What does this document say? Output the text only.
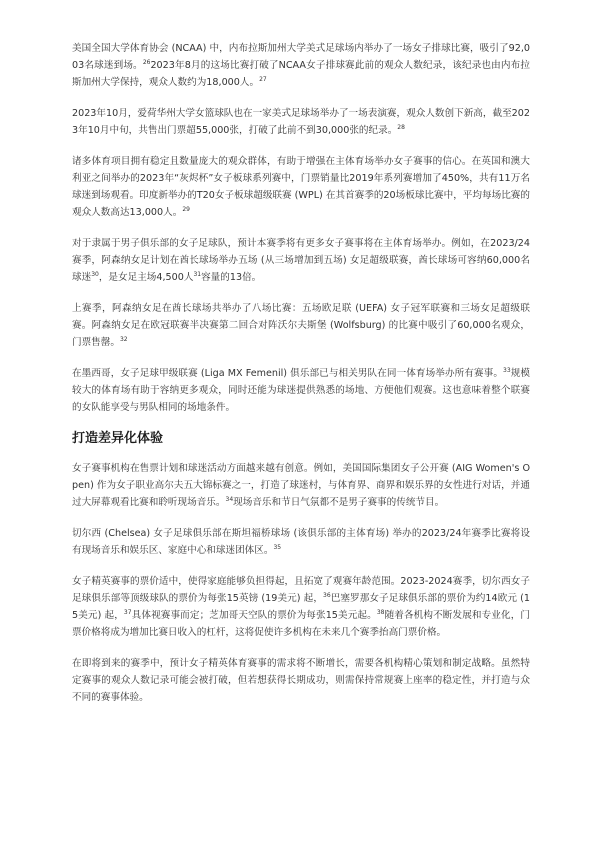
美国全国大学体育协会 (NCAA) 中，内布拉斯加州大学美式足球场内举办了一场女子排球比赛，吸引了92,003名球迷到场。$^{26}$2023年8月的这场比赛打破了NCAA女子排球赛此前的观众人数纪录，该纪录也由内布拉斯加州大学保持，观众人数约为18,000人。$^{27}$

2023年10月，爱荷华州大学女篮球队也在一家美式足球场举办了一场表演赛，观众人数创下新高，截至2023年10月中旬，共售出门票超55,000张，打破了此前不到30,000张的纪录。$^{28}$

诸多体育项目拥有稳定且数量庞大的观众群体，有助于增强在主体育场举办女子赛事的信心。在英国和澳大利亚之间举办的2023年“灰烬杯”女子板球系列赛中，门票销量比2019年系列赛增加了450%，共有11万名球迷到场观看。印度新举办的T20女子板球超级联赛 (WPL) 在其首赛季的20场板球比赛中，平均每场比赛的观众人数高达13,000人。$^{29}$

对于隶属于男子俱乐部的女子足球队，预计本赛季将有更多女子赛事将在主体育场举办。例如，在2023/24赛季，阿森纳女足计划在酋长球场举办五场 (从三场增加到五场) 女足超级联赛，酋长球场可容纳60,000名球迷$^{30}$，是女足主场4,500人$^{31}$容量的13倍。

上赛季，阿森纳女足在酋长球场共举办了八场比赛：五场欧足联 (UEFA) 女子冠军联赛和三场女足超级联赛。阿森纳女足在欧冠联赛半决赛第二回合对阵沃尔夫斯堡 (Wolfsburg) 的比赛中吸引了60,000名观众，门票售罄。$^{32}$

在墨西哥，女子足球甲级联赛 (Liga MX Femenil) 俱乐部已与相关男队在同一体育场举办所有赛事。$^{33}$规模较大的体育场有助于容纳更多观众，同时还能为球迷提供熟悉的场地、方便他们观赛。这也意味着整个联赛的女队能享受与男队相同的场地条件。

打造差异化体验

女子赛事机构在售票计划和球迷活动方面越来越有创意。例如，美国国际集团女子公开赛 (AIG Women's Open) 作为女子职业高尔夫五大锦标赛之一，打造了球迷村，与体育界、商界和娱乐界的女性进行对话，并通过大屏幕观看比赛和聆听现场音乐。$^{34}$现场音乐和节日气氛都不是男子赛事的传统节目。

切尔西 (Chelsea) 女子足球俱乐部在斯坦福桥球场 (该俱乐部的主体育场) 举办的2023/24年赛季比赛将设有现场音乐和娱乐区、家庭中心和球迷团体区。$^{35}$

女子精英赛事的票价适中，使得家庭能够负担得起，且拓宽了观赛年龄范围。2023-2024赛季，切尔西女子足球俱乐部等顶级球队的票价为每张15英镑 (19美元) 起，$^{36}$巴塞罗那女子足球俱乐部的票价为约14欧元 (15美元) 起，$^{37}$具体视赛事而定；芝加哥天空队的票价为每张15美元起。$^{38}$随着各机构不断发展和专业化，门票价格将成为增加比赛日收入的杠杆，这将促使许多机构在未来几个赛季抬高门票价格。

在即将到来的赛季中，预计女子精英体育赛事的需求将不断增长，需要各机构精心策划和制定战略。虽然特定赛事的观众人数记录可能会被打破，但若想获得长期成功，则需保持常规赛上座率的稳定性，并打造与众不同的赛事体验。
